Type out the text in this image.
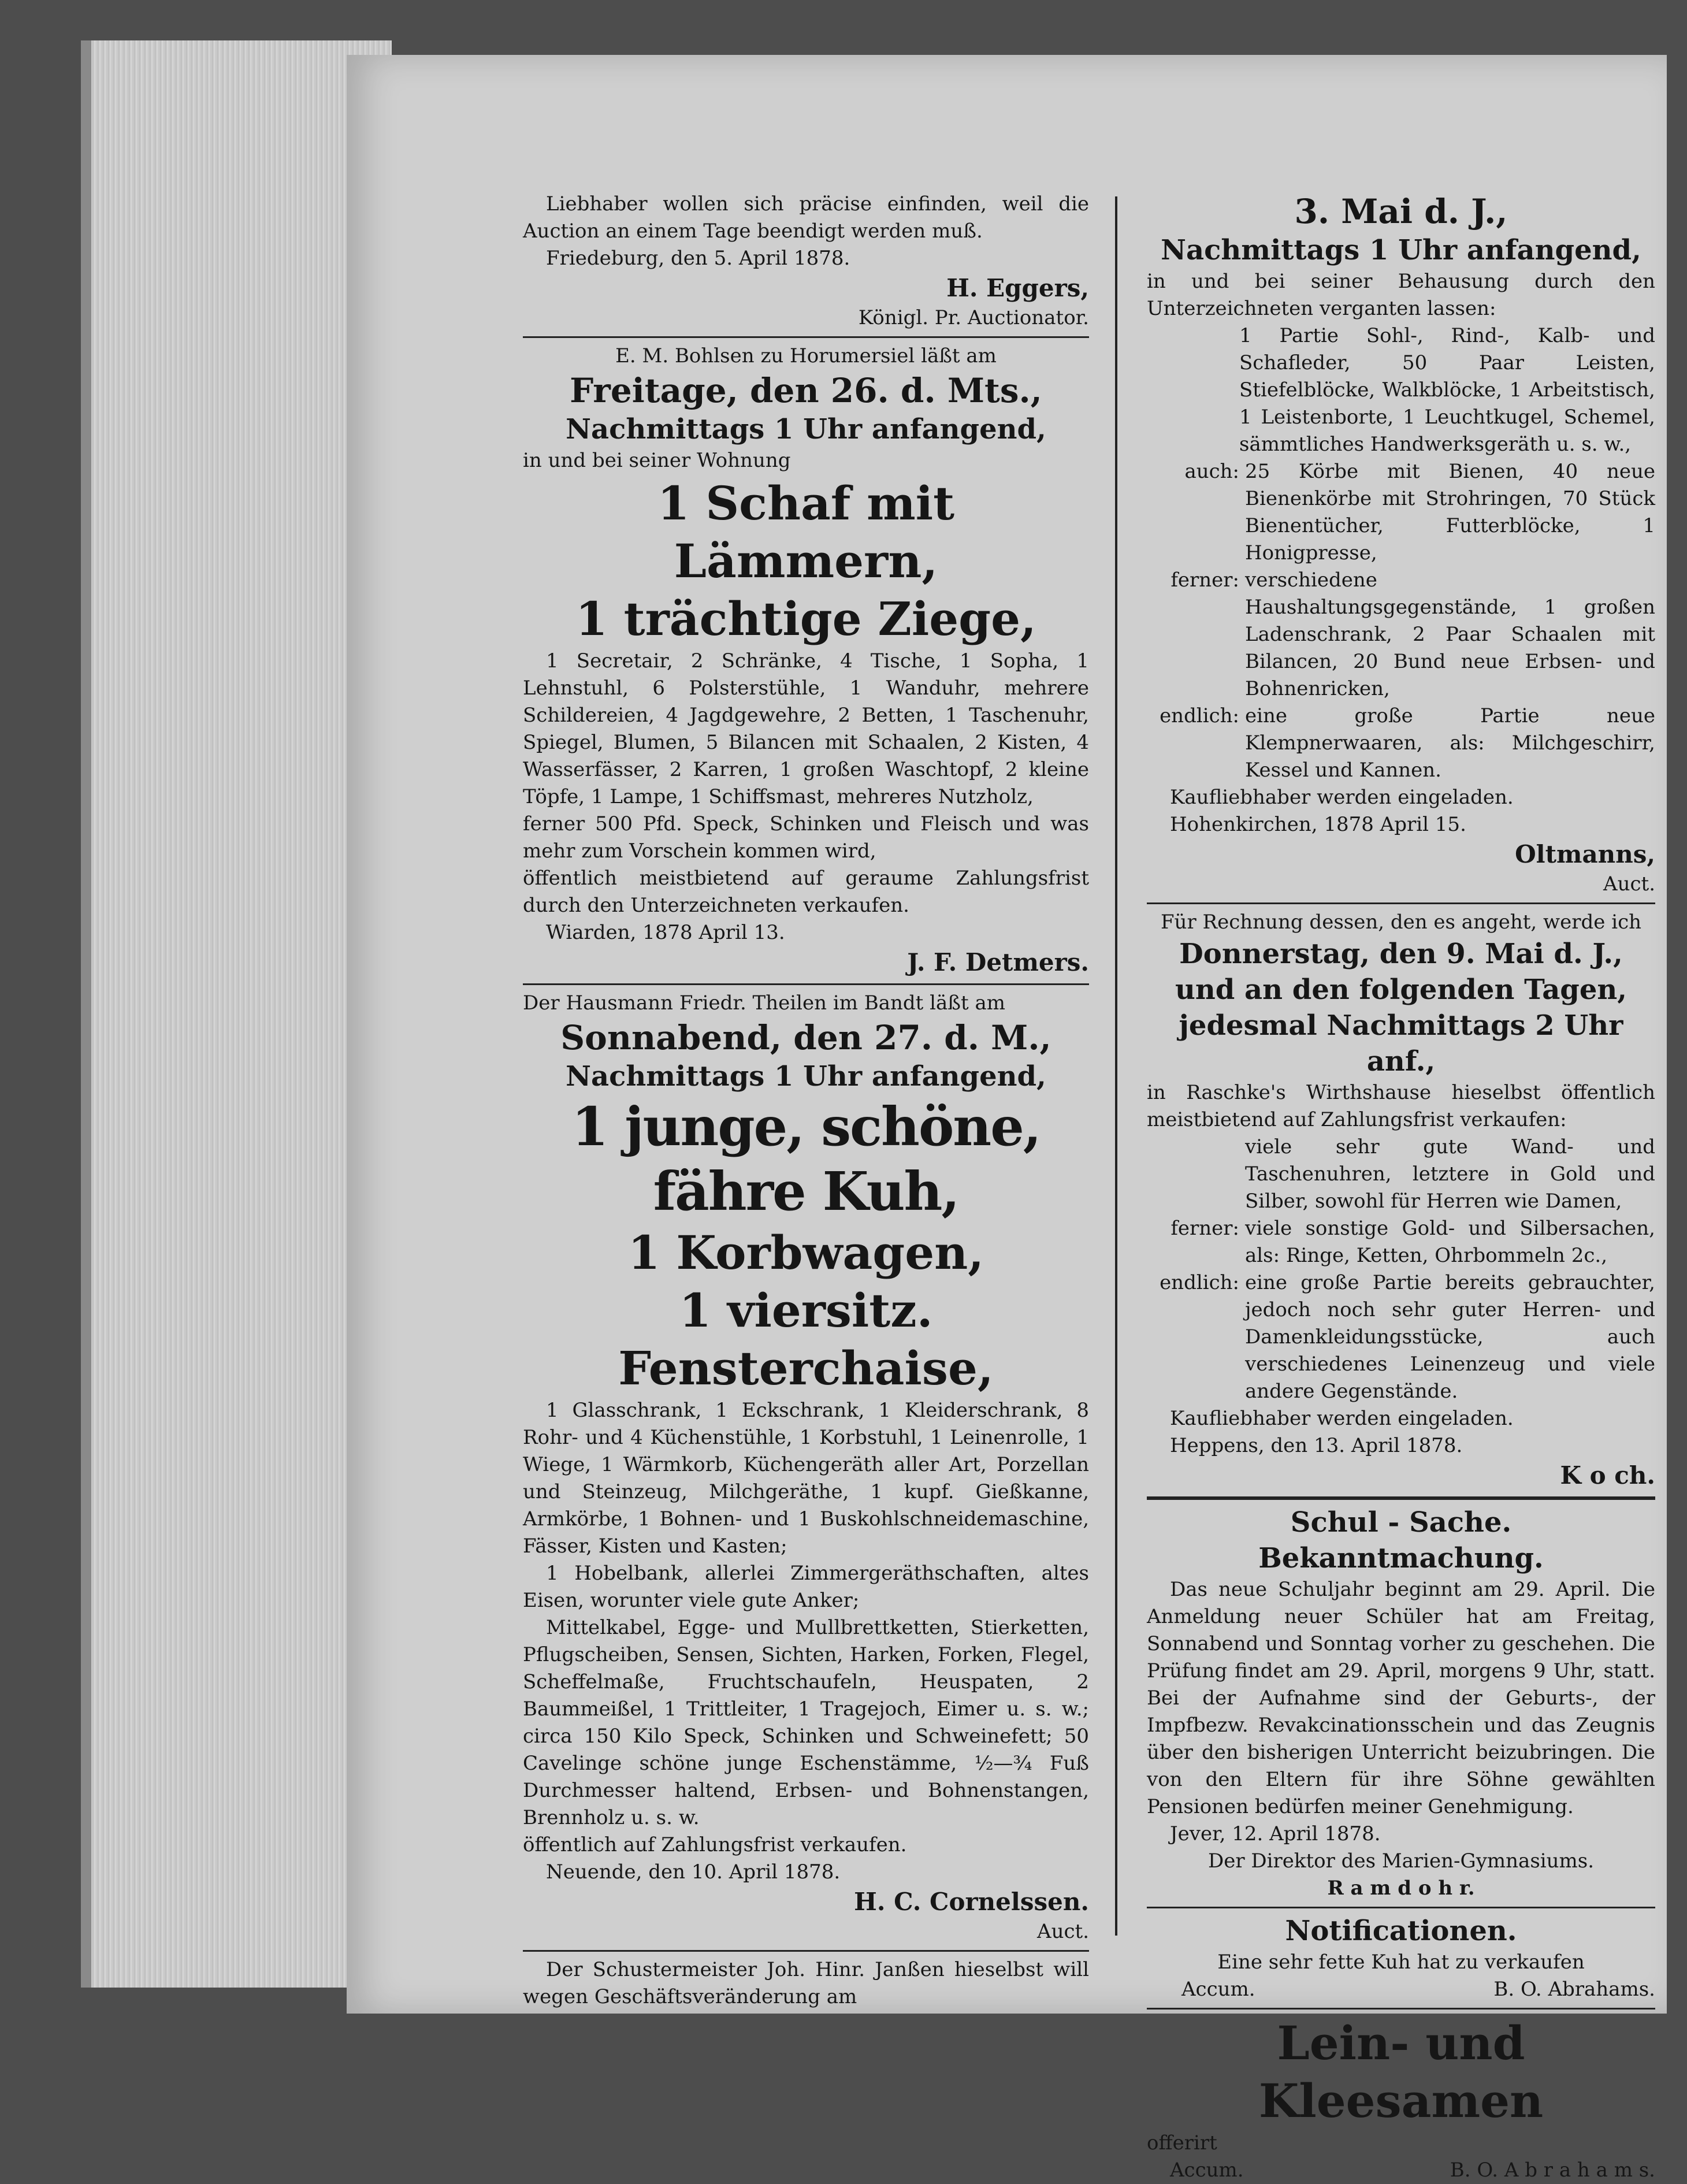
Liebhaber wollen sich präcise einfinden, weil die Auction an einem Tage beendigt werden muß.

Friedeburg, den 5. April 1878.

H. Eggers,

Königl. Pr. Auctionator.

E. M. Bohlsen zu Horumersiel läßt am

Freitage, den 26. d. Mts.,

Nachmittags 1 Uhr anfangend,

in und bei seiner Wohnung

1 Schaf mit Lämmern,

1 trächtige Ziege,

1 Secretair, 2 Schränke, 4 Tische, 1 Sopha, 1 Lehnstuhl, 6 Polsterstühle, 1 Wanduhr, mehrere Schildereien, 4 Jagdgewehre, 2 Betten, 1 Taschenuhr, Spiegel, Blumen, 5 Bilancen mit Schaalen, 2 Kisten, 4 Wasserfässer, 2 Karren, 1 großen Waschtopf, 2 kleine Töpfe, 1 Lampe, 1 Schiffsmast, mehreres Nutzholz,

ferner 500 Pfd. Speck, Schinken und Fleisch und was mehr zum Vorschein kommen wird,

öffentlich meistbietend auf geraume Zahlungsfrist durch den Unterzeichneten verkaufen.

Wiarden, 1878 April 13.

J. F. Detmers.

Der Hausmann Friedr. Theilen im Bandt läßt am

Sonnabend, den 27. d. M.,

Nachmittags 1 Uhr anfangend,

1 junge, schöne, fähre Kuh,

1 Korbwagen,

1 viersitz. Fensterchaise,

1 Glasschrank, 1 Eckschrank, 1 Kleiderschrank, 8 Rohr- und 4 Küchenstühle, 1 Korbstuhl, 1 Leinenrolle, 1 Wiege, 1 Wärmkorb, Küchengeräth aller Art, Porzellan und Steinzeug, Milchgeräthe, 1 kupf. Gießkanne, Armkörbe, 1 Bohnen- und 1 Buskohlschneidemaschine, Fässer, Kisten und Kasten;

1 Hobelbank, allerlei Zimmergeräthschaften, altes Eisen, worunter viele gute Anker;

Mittelkabel, Egge- und Mullbrettketten, Stierketten, Pflugscheiben, Sensen, Sichten, Harken, Forken, Flegel, Scheffelmaße, Fruchtschaufeln, Heuspaten, 2 Baummeißel, 1 Trittleiter, 1 Tragejoch, Eimer u. s. w.; circa 150 Kilo Speck, Schinken und Schweinefett; 50 Cavelinge schöne junge Eschenstämme, ½—¾ Fuß Durchmesser haltend, Erbsen- und Bohnenstangen, Brennholz u. s. w.

öffentlich auf Zahlungsfrist verkaufen.

Neuende, den 10. April 1878.

H. C. Cornelssen.

Auct.

Der Schustermeister Joh. Hinr. Janßen hieselbst will wegen Geschäftsveränderung am

3. Mai d. J.,

Nachmittags 1 Uhr anfangend,

in und bei seiner Behausung durch den Unterzeichneten verganten lassen:

1 Partie Sohl-, Rind-, Kalb- und Schafleder, 50 Paar Leisten, Stiefelblöcke, Walkblöcke, 1 Arbeitstisch, 1 Leistenborte, 1 Leuchtkugel, Schemel, sämmtliches Handwerksgeräth u. s. w.,

auch: 25 Körbe mit Bienen, 40 neue Bienenkörbe mit Strohringen, 70 Stück Bienentücher, Futterblöcke, 1 Honigpresse,
ferner: verschiedene Haushaltungsgegenstände, 1 großen Ladenschrank, 2 Paar Schaalen mit Bilancen, 20 Bund neue Erbsen- und Bohnenricken,
endlich: eine große Partie neue Klempnerwaaren, als: Milchgeschirr, Kessel und Kannen.

Kaufliebhaber werden eingeladen.

Hohenkirchen, 1878 April 15.

Oltmanns,

Auct.

Für Rechnung dessen, den es angeht, werde ich

Donnerstag, den 9. Mai d. J.,

und an den folgenden Tagen,

jedesmal Nachmittags 2 Uhr anf.,

in Raschke's Wirthshause hieselbst öffentlich meistbietend auf Zahlungsfrist verkaufen:

viele sehr gute Wand- und Taschenuhren, letztere in Gold und Silber, sowohl für Herren wie Damen,

ferner: viele sonstige Gold- und Silbersachen, als: Ringe, Ketten, Ohrbommeln 2c.,
endlich: eine große Partie bereits gebrauchter, jedoch noch sehr guter Herren- und Damenkleidungsstücke, auch verschiedenes Leinenzeug und viele andere Gegenstände.

Kaufliebhaber werden eingeladen.

Heppens, den 13. April 1878.

K o ch.

Schul - Sache.

Bekanntmachung.

Das neue Schuljahr beginnt am 29. April. Die Anmeldung neuer Schüler hat am Freitag, Sonnabend und Sonntag vorher zu geschehen. Die Prüfung findet am 29. April, morgens 9 Uhr, statt. Bei der Aufnahme sind der Geburts-, der Impfbezw. Revakcinationsschein und das Zeugnis über den bisherigen Unterricht beizubringen. Die von den Eltern für ihre Söhne gewählten Pensionen bedürfen meiner Genehmigung.

Jever, 12. April 1878.

Der Direktor des Marien-Gymnasiums.

R a m d o h r.

Notificationen.

Eine sehr fette Kuh hat zu verkaufen

Accum.	B. O. Abrahams.

Lein- und Kleesamen

offerirt

Accum.	B. O. A b r a h a m s.
